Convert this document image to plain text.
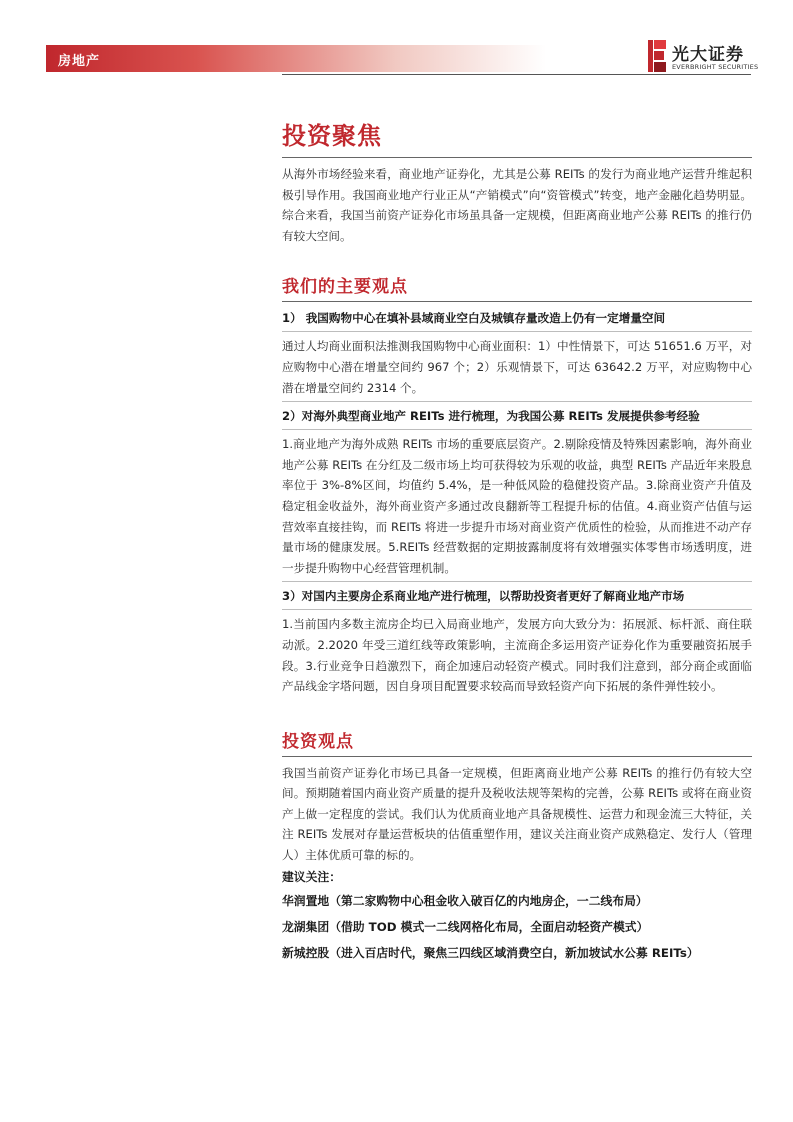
房地产	光大证券
EVERBRIGHT SECURITIES
投资聚焦
从海外市场经验来看，商业地产证券化，尤其是公募 REITs 的发行为商业地产运营升维起积极引导作用。我国商业地产行业正从“产销模式”向“资管模式”转变，地产金融化趋势明显。综合来看，我国当前资产证券化市场虽具备一定规模，但距离商业地产公募 REITs 的推行仍有较大空间。
我们的主要观点
1） 我国购物中心在填补县域商业空白及城镇存量改造上仍有一定增量空间
通过人均商业面积法推测我国购物中心商业面积：1）中性情景下，可达 51651.6 万平，对应购物中心潜在增量空间约 967 个；2）乐观情景下，可达 63642.2 万平，对应购物中心潜在增量空间约 2314 个。
2）对海外典型商业地产 REITs 进行梳理，为我国公募 REITs 发展提供参考经验
1.商业地产为海外成熟 REITs 市场的重要底层资产。2.剔除疫情及特殊因素影响，海外商业地产公募 REITs 在分红及二级市场上均可获得较为乐观的收益，典型 REITs 产品近年来股息率位于 3%-8%区间，均值约 5.4%，是一种低风险的稳健投资产品。3.除商业资产升值及稳定租金收益外，海外商业资产多通过改良翻新等工程提升标的估值。4.商业资产估值与运营效率直接挂钩，而 REITs 将进一步提升市场对商业资产优质性的检验，从而推进不动产存量市场的健康发展。5.REITs 经营数据的定期披露制度将有效增强实体零售市场透明度，进一步提升购物中心经营管理机制。
3）对国内主要房企系商业地产进行梳理，以帮助投资者更好了解商业地产市场
1.当前国内多数主流房企均已入局商业地产，发展方向大致分为：拓展派、标杆派、商住联动派。2.2020 年受三道红线等政策影响，主流商企多运用资产证券化作为重要融资拓展手段。3.行业竞争日趋激烈下，商企加速启动轻资产模式。同时我们注意到，部分商企或面临产品线金字塔问题，因自身项目配置要求较高而导致轻资产向下拓展的条件弹性较小。
投资观点
我国当前资产证券化市场已具备一定规模，但距离商业地产公募 REITs 的推行仍有较大空间。预期随着国内商业资产质量的提升及税收法规等架构的完善，公募 REITs 或将在商业资产上做一定程度的尝试。我们认为优质商业地产具备规模性、运营力和现金流三大特征，关注 REITs 发展对存量运营板块的估值重塑作用，建议关注商业资产成熟稳定、发行人（管理人）主体优质可靠的标的。
建议关注：
华润置地（第二家购物中心租金收入破百亿的内地房企，一二线布局）
龙湖集团（借助 TOD 模式一二线网格化布局，全面启动轻资产模式）
新城控股（进入百店时代，聚焦三四线区域消费空白，新加坡试水公募 REITs）
